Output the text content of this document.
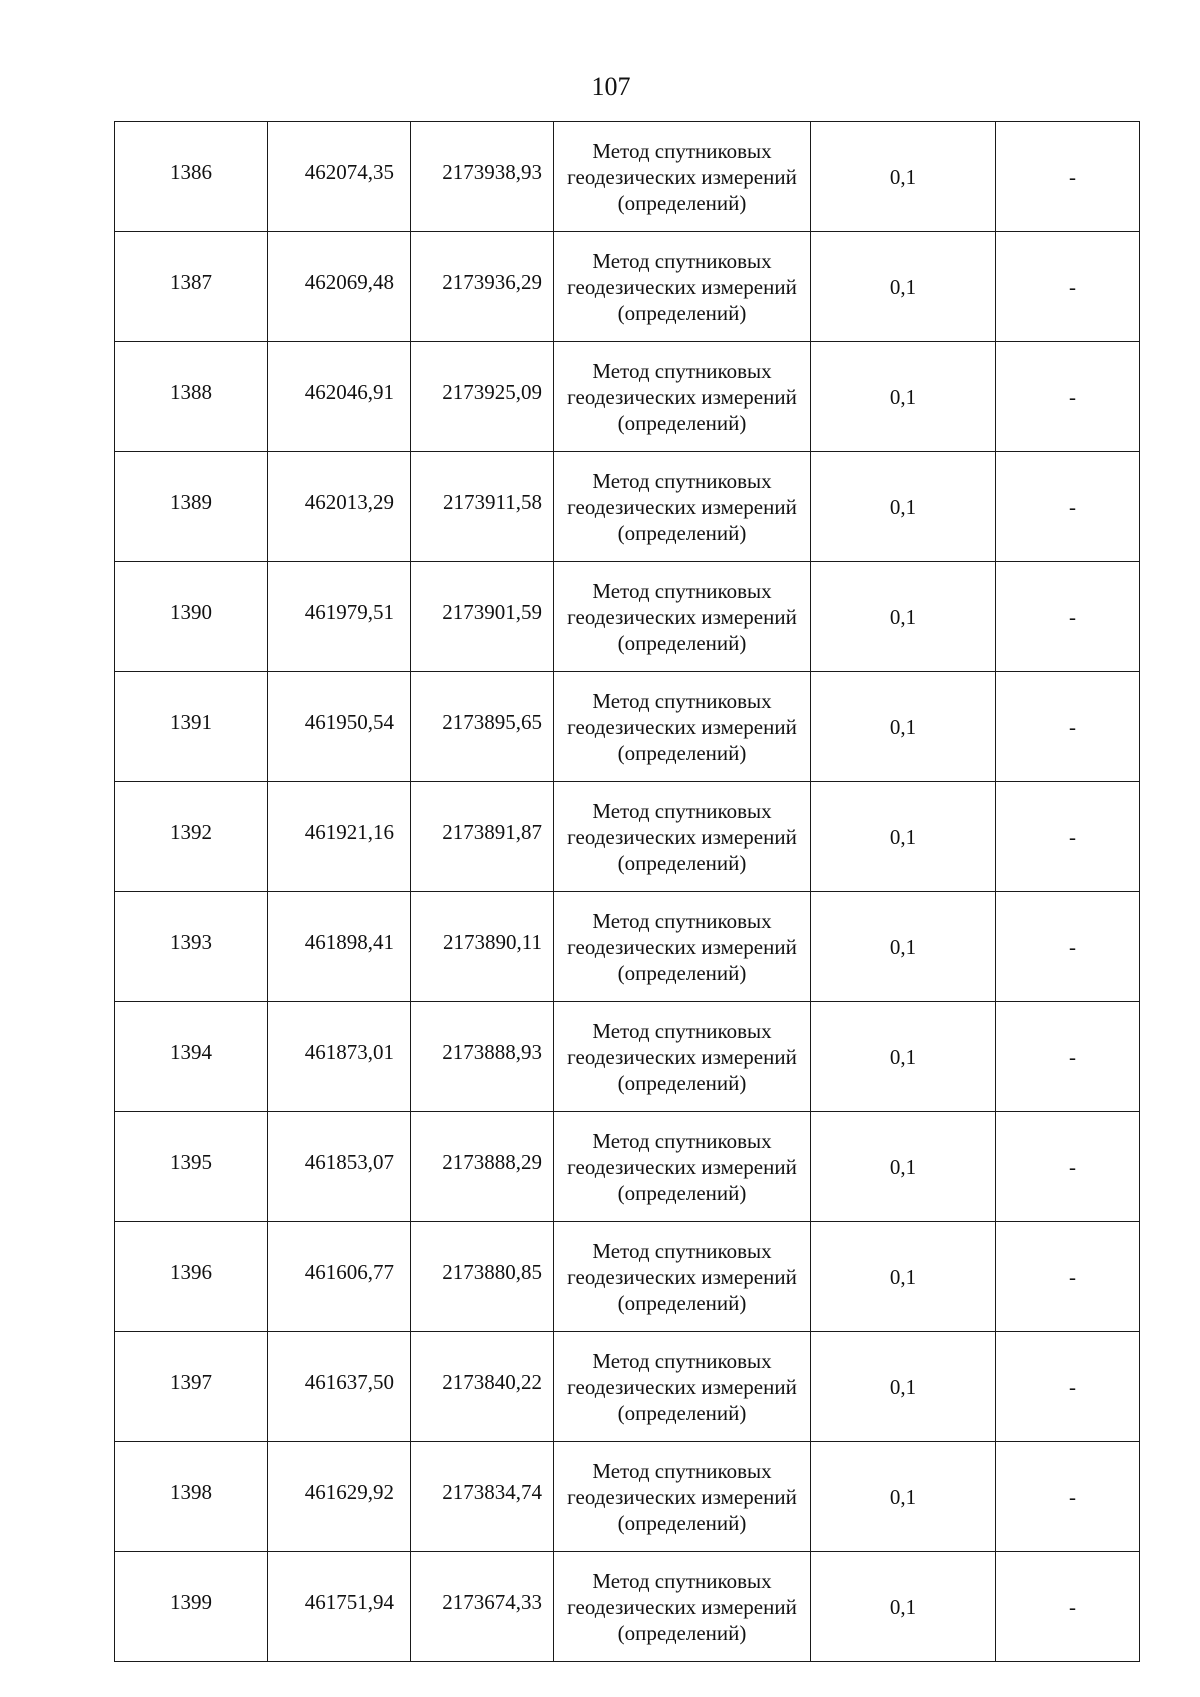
107
1386	462074,35	2173938,93	Метод спутниковых
геодезических измерений
(определений)	0,1	-
1387	462069,48	2173936,29	Метод спутниковых
геодезических измерений
(определений)	0,1	-
1388	462046,91	2173925,09	Метод спутниковых
геодезических измерений
(определений)	0,1	-
1389	462013,29	2173911,58	Метод спутниковых
геодезических измерений
(определений)	0,1	-
1390	461979,51	2173901,59	Метод спутниковых
геодезических измерений
(определений)	0,1	-
1391	461950,54	2173895,65	Метод спутниковых
геодезических измерений
(определений)	0,1	-
1392	461921,16	2173891,87	Метод спутниковых
геодезических измерений
(определений)	0,1	-
1393	461898,41	2173890,11	Метод спутниковых
геодезических измерений
(определений)	0,1	-
1394	461873,01	2173888,93	Метод спутниковых
геодезических измерений
(определений)	0,1	-
1395	461853,07	2173888,29	Метод спутниковых
геодезических измерений
(определений)	0,1	-
1396	461606,77	2173880,85	Метод спутниковых
геодезических измерений
(определений)	0,1	-
1397	461637,50	2173840,22	Метод спутниковых
геодезических измерений
(определений)	0,1	-
1398	461629,92	2173834,74	Метод спутниковых
геодезических измерений
(определений)	0,1	-
1399	461751,94	2173674,33	Метод спутниковых
геодезических измерений
(определений)	0,1	-
